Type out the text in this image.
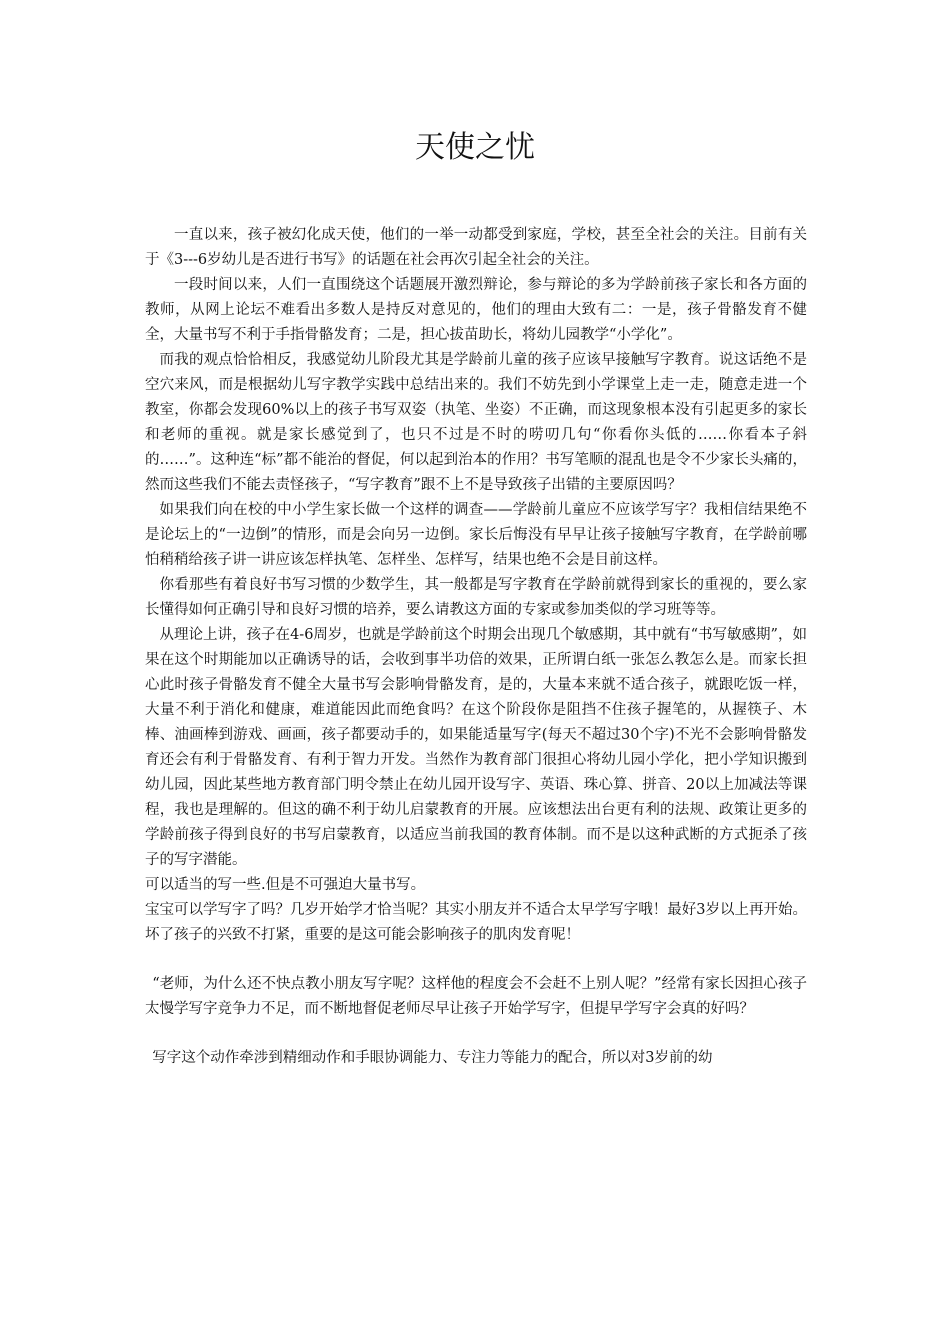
天使之忧

一直以来，孩子被幻化成天使，他们的一举一动都受到家庭，学校，甚至全社会的关注。目前有关于《3---6岁幼儿是否进行书写》的话题在社会再次引起全社会的关注。

一段时间以来，人们一直围绕这个话题展开激烈辩论，参与辩论的多为学龄前孩子家长和各方面的教师，从网上论坛不难看出多数人是持反对意见的，他们的理由大致有二：一是，孩子骨骼发育不健全，大量书写不利于手指骨骼发育；二是，担心拔苗助长，将幼儿园教学“小学化”。

而我的观点恰恰相反，我感觉幼儿阶段尤其是学龄前儿童的孩子应该早接触写字教育。说这话绝不是空穴来风，而是根据幼儿写字教学实践中总结出来的。我们不妨先到小学课堂上走一走，随意走进一个教室，你都会发现60%以上的孩子书写双姿（执笔、坐姿）不正确，而这现象根本没有引起更多的家长和老师的重视。就是家长感觉到了，也只不过是不时的唠叨几句“你看你头低的……你看本子斜的……”。这种连“标”都不能治的督促，何以起到治本的作用？书写笔顺的混乱也是令不少家长头痛的，然而这些我们不能去责怪孩子，“写字教育”跟不上不是导致孩子出错的主要原因吗？

如果我们向在校的中小学生家长做一个这样的调查——学龄前儿童应不应该学写字？我相信结果绝不是论坛上的“一边倒”的情形，而是会向另一边倒。家长后悔没有早早让孩子接触写字教育，在学龄前哪怕稍稍给孩子讲一讲应该怎样执笔、怎样坐、怎样写，结果也绝不会是目前这样。

你看那些有着良好书写习惯的少数学生，其一般都是写字教育在学龄前就得到家长的重视的，要么家长懂得如何正确引导和良好习惯的培养，要么请教这方面的专家或参加类似的学习班等等。

从理论上讲，孩子在4-6周岁，也就是学龄前这个时期会出现几个敏感期，其中就有“书写敏感期”，如果在这个时期能加以正确诱导的话，会收到事半功倍的效果，正所谓白纸一张怎么教怎么是。而家长担心此时孩子骨骼发育不健全大量书写会影响骨骼发育，是的，大量本来就不适合孩子，就跟吃饭一样，大量不利于消化和健康，难道能因此而绝食吗？在这个阶段你是阻挡不住孩子握笔的，从握筷子、木棒、油画棒到游戏、画画，孩子都要动手的，如果能适量写字(每天不超过30个字)不光不会影响骨骼发育还会有利于骨骼发育、有利于智力开发。当然作为教育部门很担心将幼儿园小学化，把小学知识搬到幼儿园，因此某些地方教育部门明令禁止在幼儿园开设写字、英语、珠心算、拼音、20以上加减法等课程，我也是理解的。但这的确不利于幼儿启蒙教育的开展。应该想法出台更有利的法规、政策让更多的学龄前孩子得到良好的书写启蒙教育，以适应当前我国的教育体制。而不是以这种武断的方式扼杀了孩子的写字潜能。

可以适当的写一些.但是不可强迫大量书写。

宝宝可以学写字了吗？几岁开始学才恰当呢？其实小朋友并不适合太早学写字哦！最好3岁以上再开始。坏了孩子的兴致不打紧，重要的是这可能会影响孩子的肌肉发育呢！

“老师，为什么还不快点教小朋友写字呢？这样他的程度会不会赶不上别人呢？”经常有家长因担心孩子太慢学写字竞争力不足，而不断地督促老师尽早让孩子开始学写字，但提早学写字会真的好吗？

写字这个动作牵涉到精细动作和手眼协调能力、专注力等能力的配合，所以对3岁前的幼
